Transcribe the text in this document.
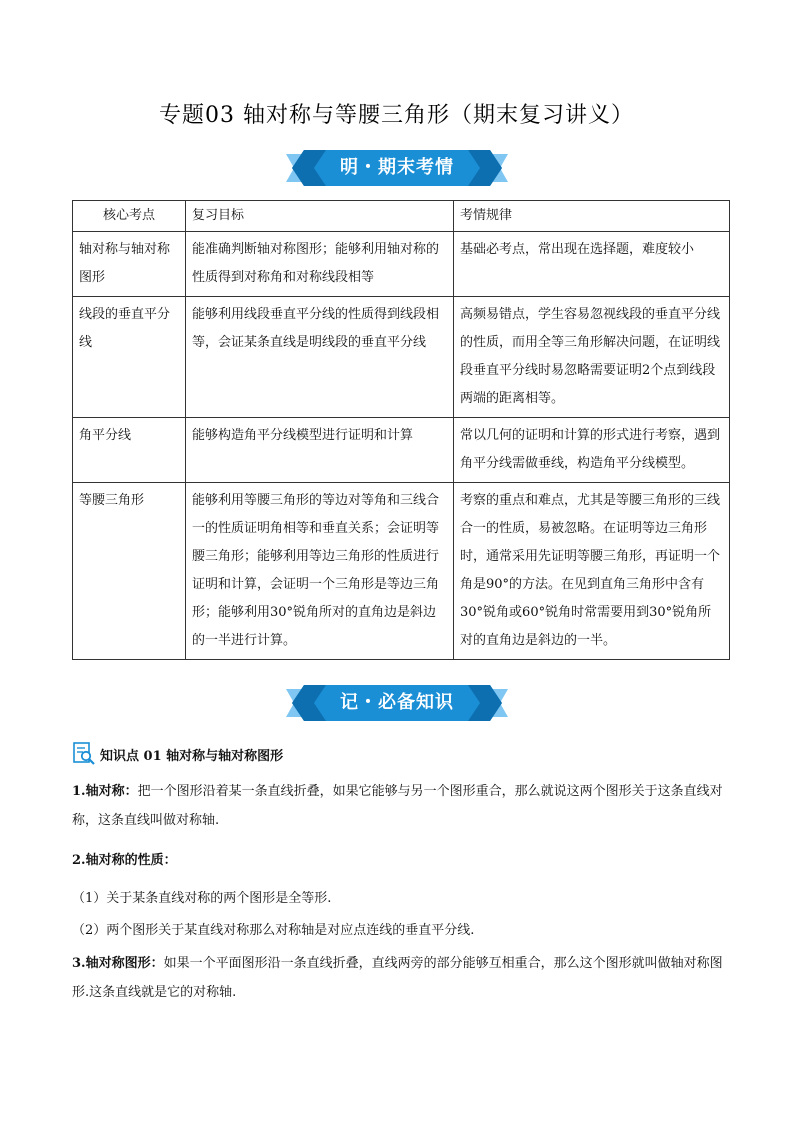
专题03 轴对称与等腰三角形（期末复习讲义）
明・期末考情
核心考点	复习目标	考情规律
轴对称与轴对称图形	能准确判断轴对称图形；能够利用轴对称的性质得到对称角和对称线段相等	基础必考点，常出现在选择题，难度较小
线段的垂直平分线	能够利用线段垂直平分线的性质得到线段相等，会证某条直线是明线段的垂直平分线	高频易错点，学生容易忽视线段的垂直平分线的性质，而用全等三角形解决问题，在证明线段垂直平分线时易忽略需要证明2个点到线段两端的距离相等。
角平分线	能够构造角平分线模型进行证明和计算	常以几何的证明和计算的形式进行考察，遇到角平分线需做垂线，构造角平分线模型。
等腰三角形	能够利用等腰三角形的等边对等角和三线合一的性质证明角相等和垂直关系；会证明等腰三角形；能够利用等边三角形的性质进行证明和计算，会证明一个三角形是等边三角形；能够利用30°锐角所对的直角边是斜边的一半进行计算。	考察的重点和难点，尤其是等腰三角形的三线合一的性质，易被忽略。在证明等边三角形时，通常采用先证明等腰三角形，再证明一个角是90°的方法。在见到直角三角形中含有30°锐角或60°锐角时常需要用到30°锐角所对的直角边是斜边的一半。
记・必备知识
知识点 01 轴对称与轴对称图形
1.轴对称：把一个图形沿着某一条直线折叠，如果它能够与另一个图形重合，那么就说这两个图形关于这条直线对称，这条直线叫做对称轴.
2.轴对称的性质：
（1）关于某条直线对称的两个图形是全等形.
（2）两个图形关于某直线对称那么对称轴是对应点连线的垂直平分线.
3.轴对称图形：如果一个平面图形沿一条直线折叠，直线两旁的部分能够互相重合，那么这个图形就叫做轴对称图形.这条直线就是它的对称轴.
